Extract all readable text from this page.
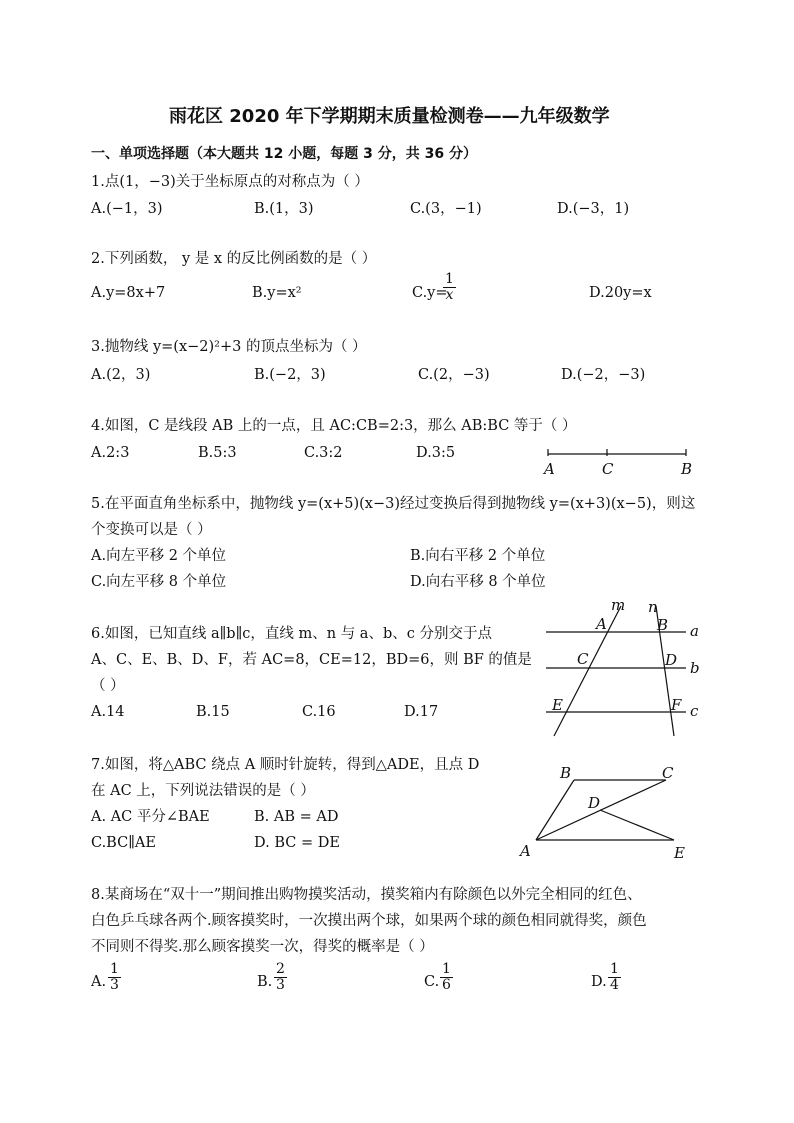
雨花区 2020 年下学期期末质量检测卷——九年级数学
一、单项选择题（本大题共 12 小题，每题 3 分，共 36 分）
1.点(1，−3)关于坐标原点的对称点为（ ）
A.(−1，3)	B.(1，3)	C.(3，−1)	D.(−3，1)
2.下列函数， y 是 x 的反比例函数的是（ ）
A.y=8x+7	B.y=x²	C.y=
1
x	D.20y=x
3.抛物线 y=(x−2)²+3 的顶点坐标为（ ）
A.(2，3)	B.(−2，3)	C.(2，−3)	D.(−2，−3)
4.如图，C 是线段 AB 上的一点，且 AC:CB=2:3，那么 AB:BC 等于（ ）
A.2:3	B.5:3	C.3:2	D.3:5
A	C	B
5.在平面直角坐标系中，抛物线 y=(x+5)(x−3)经过变换后得到抛物线 y=(x+3)(x−5)，则这
个变换可以是（ ）
A.向左平移 2 个单位	B.向右平移 2 个单位
C.向左平移 8 个单位	D.向右平移 8 个单位
6.如图，已知直线 a∥b∥c，直线 m、n 与 a、b、c 分别交于点
A、C、E、B、D、F，若 AC=8，CE=12，BD=6，则 BF 的值是
（ ）
A.14	B.15	C.16	D.17
m n
A	B
C	D
E	F
a
b
c
7.如图，将△ABC 绕点 A 顺时针旋转，得到△ADE，且点 D
在 AC 上，下列说法错误的是（ ）
A. AC 平分∠BAE	B. AB = AD
C.BC∥AE	D. BC = DE
B	C
D
A	E
8.某商场在“双十一”期间推出购物摸奖活动，摸奖箱内有除颜色以外完全相同的红色、
白色乒乓球各两个.顾客摸奖时，一次摸出两个球，如果两个球的颜色相同就得奖，颜色
不同则不得奖.那么顾客摸奖一次，得奖的概率是（ ）
A.
1
3	B.
2
3	C.
1
6	D.
1
4
